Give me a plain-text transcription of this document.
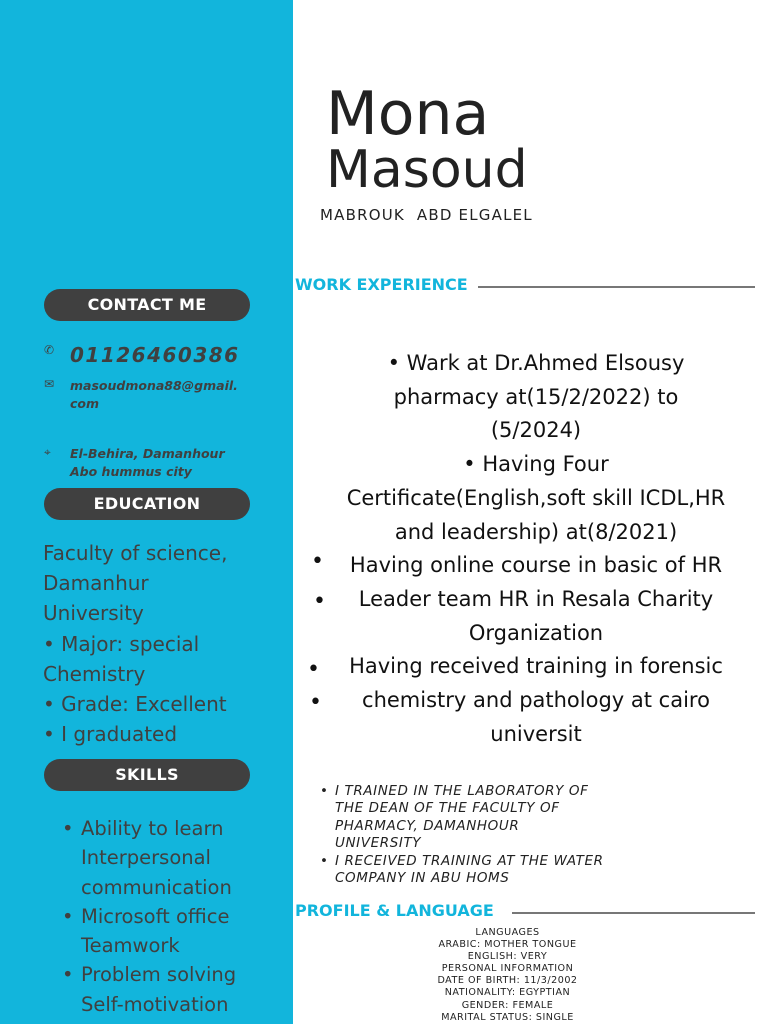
Mona
Masoud
MABROUK  ABD ELGALEL
CONTACT ME
✆ 01126460386
✉	masoudmona88@gmail.
com
⌖	El-Behira, Damanhour
Abo hummus city
EDUCATION
Faculty of science,
Damanhur
University
• Major: special
Chemistry
• Grade: Excellent
• I graduated
SKILLS
• Ability to learn
Interpersonal
communication
• Microsoft office
Teamwork
• Problem solving
Self-motivation
WORK EXPERIENCE
• Wark at Dr.Ahmed Elsousy
pharmacy at(15/2/2022) to
(5/2024)
• Having Four
Certificate(English,soft skill ICDL,HR
and leadership) at(8/2021)
Having online course in basic of HR
Leader team HR in Resala Charity
Organization
Having received training in forensic
chemistry and pathology at cairo
universit
•
•
•
•
• I TRAINED IN THE LABORATORY OF
THE DEAN OF THE FACULTY OF
PHARMACY, DAMANHOUR
UNIVERSITY
• I RECEIVED TRAINING AT THE WATER
COMPANY IN ABU HOMS
PROFILE & LANGUAGE
LANGUAGES
ARABIC: MOTHER TONGUE
ENGLISH: VERY
PERSONAL INFORMATION
DATE OF BIRTH: 11/3/2002
NATIONALITY: EGYPTIAN
GENDER: FEMALE
MARITAL STATUS: SINGLE
